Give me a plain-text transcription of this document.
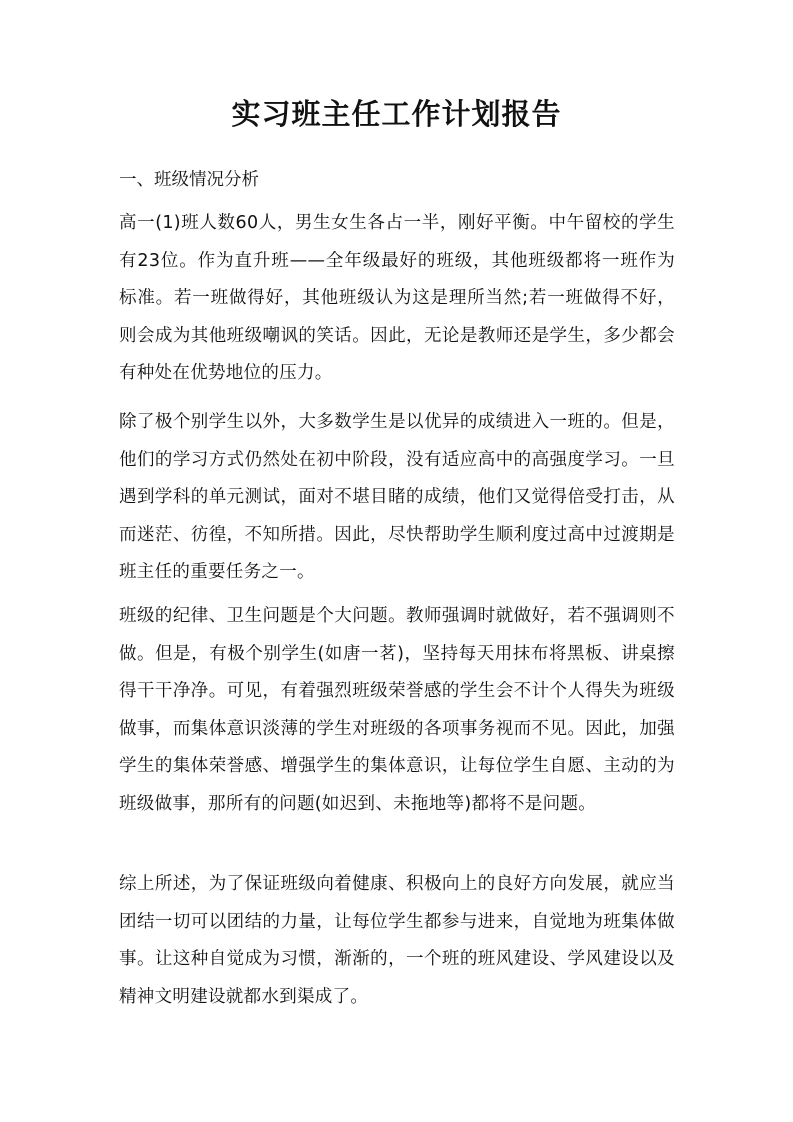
实习班主任工作计划报告
一、班级情况分析

高一(1)班人数60人，男生女生各占一半，刚好平衡。中午留校的学生有23位。作为直升班——全年级最好的班级，其他班级都将一班作为标准。若一班做得好，其他班级认为这是理所当然;若一班做得不好，则会成为其他班级嘲讽的笑话。因此，无论是教师还是学生，多少都会有种处在优势地位的压力。

除了极个别学生以外，大多数学生是以优异的成绩进入一班的。但是，他们的学习方式仍然处在初中阶段，没有适应高中的高强度学习。一旦遇到学科的单元测试，面对不堪目睹的成绩，他们又觉得倍受打击，从而迷茫、彷徨，不知所措。因此，尽快帮助学生顺利度过高中过渡期是班主任的重要任务之一。

班级的纪律、卫生问题是个大问题。教师强调时就做好，若不强调则不做。但是，有极个别学生(如唐一茗)，坚持每天用抹布将黑板、讲桌擦得干干净净。可见，有着强烈班级荣誉感的学生会不计个人得失为班级做事，而集体意识淡薄的学生对班级的各项事务视而不见。因此，加强学生的集体荣誉感、增强学生的集体意识，让每位学生自愿、主动的为班级做事，那所有的问题(如迟到、未拖地等)都将不是问题。

综上所述，为了保证班级向着健康、积极向上的良好方向发展，就应当团结一切可以团结的力量，让每位学生都参与进来，自觉地为班集体做事。让这种自觉成为习惯，渐渐的，一个班的班风建设、学风建设以及精神文明建设就都水到渠成了。
